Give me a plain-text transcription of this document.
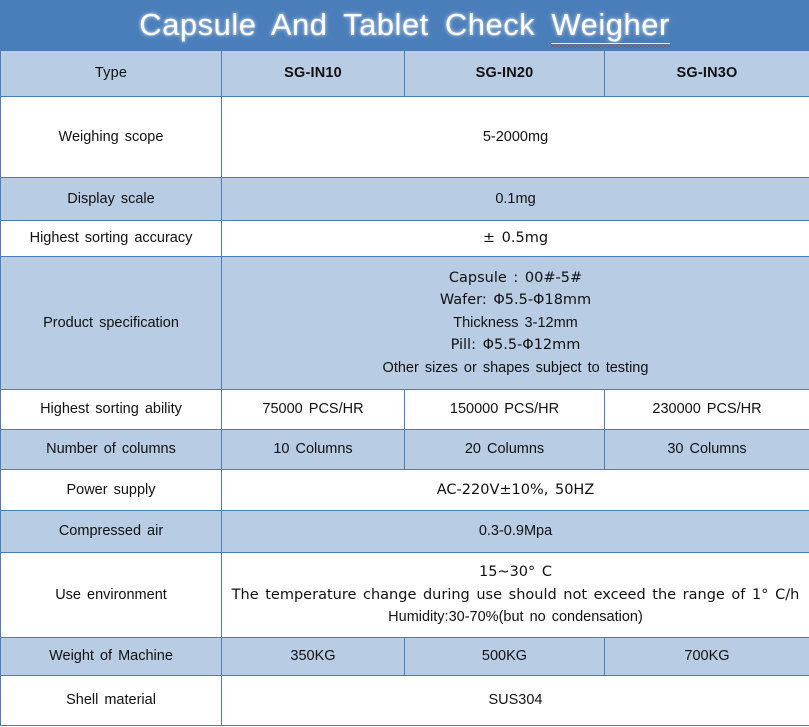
Capsule And Tablet Check Weigher
Type	SG-IN10	SG-IN20	SG-IN3O
Weighing scope	5-2000mg		
Display scale	0.1mg		
Highest sorting accuracy	± 0.5mg		
Product specification	Capsule : 00#-5#
Wafer: Φ5.5-Φ18mm
Thickness 3-12mm
Pill: Φ5.5-Φ12mm
Other sizes or shapes subject to testing		

Highest sorting ability	75000 PCS/HR	150000 PCS/HR	230000 PCS/HR
Number of columns	10 Columns	20 Columns	30 Columns
Power supply	AC-220V±10%, 50HZ		
Compressed air	0.3-0.9Mpa		
Use environment	15~30° C
The temperature change during use should not exceed the range of 1° C/h
Humidity:30-70%(but no condensation)		

Weight of Machine	350KG	500KG	700KG
Shell material	SUS304		
